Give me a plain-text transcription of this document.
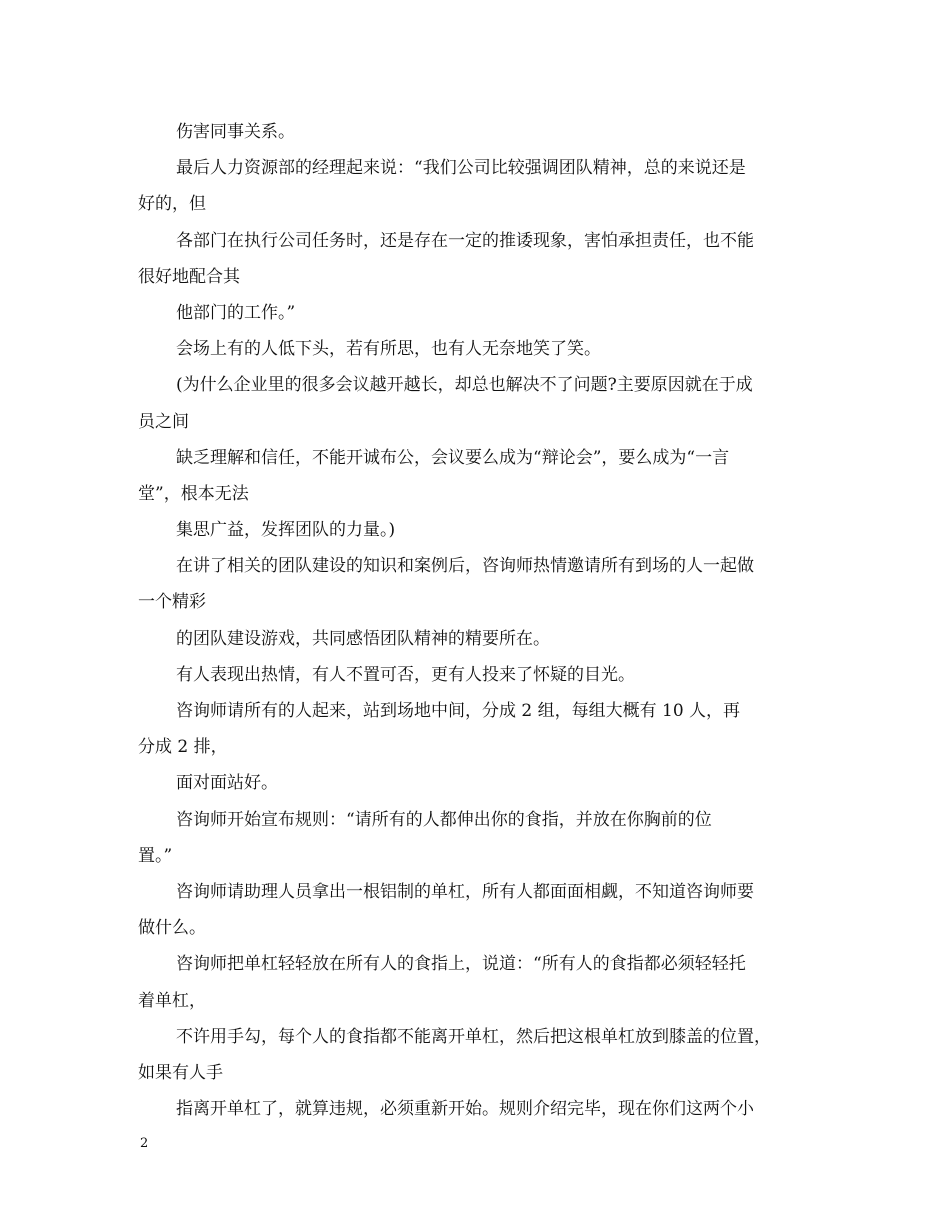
伤害同事关系。
最后人力资源部的经理起来说：“我们公司比较强调团队精神，总的来说还是
好的，但
各部门在执行公司任务时，还是存在一定的推诿现象，害怕承担责任，也不能
很好地配合其
他部门的工作。”
会场上有的人低下头，若有所思，也有人无奈地笑了笑。
(为什么企业里的很多会议越开越长，却总也解决不了问题?主要原因就在于成
员之间
缺乏理解和信任，不能开诚布公，会议要么成为“辩论会”，要么成为“一言
堂”，根本无法
集思广益，发挥团队的力量。)
在讲了相关的团队建设的知识和案例后，咨询师热情邀请所有到场的人一起做
一个精彩
的团队建设游戏，共同感悟团队精神的精要所在。
有人表现出热情，有人不置可否，更有人投来了怀疑的目光。
咨询师请所有的人起来，站到场地中间，分成 2 组，每组大概有 10 人，再
分成 2 排，
面对面站好。
咨询师开始宣布规则：“请所有的人都伸出你的食指，并放在你胸前的位
置。”
咨询师请助理人员拿出一根铝制的单杠，所有人都面面相觑，不知道咨询师要
做什么。
咨询师把单杠轻轻放在所有人的食指上，说道：“所有人的食指都必须轻轻托
着单杠，
不许用手勾，每个人的食指都不能离开单杠，然后把这根单杠放到膝盖的位置，
如果有人手
指离开单杠了，就算违规，必须重新开始。规则介绍完毕，现在你们这两个小
2
